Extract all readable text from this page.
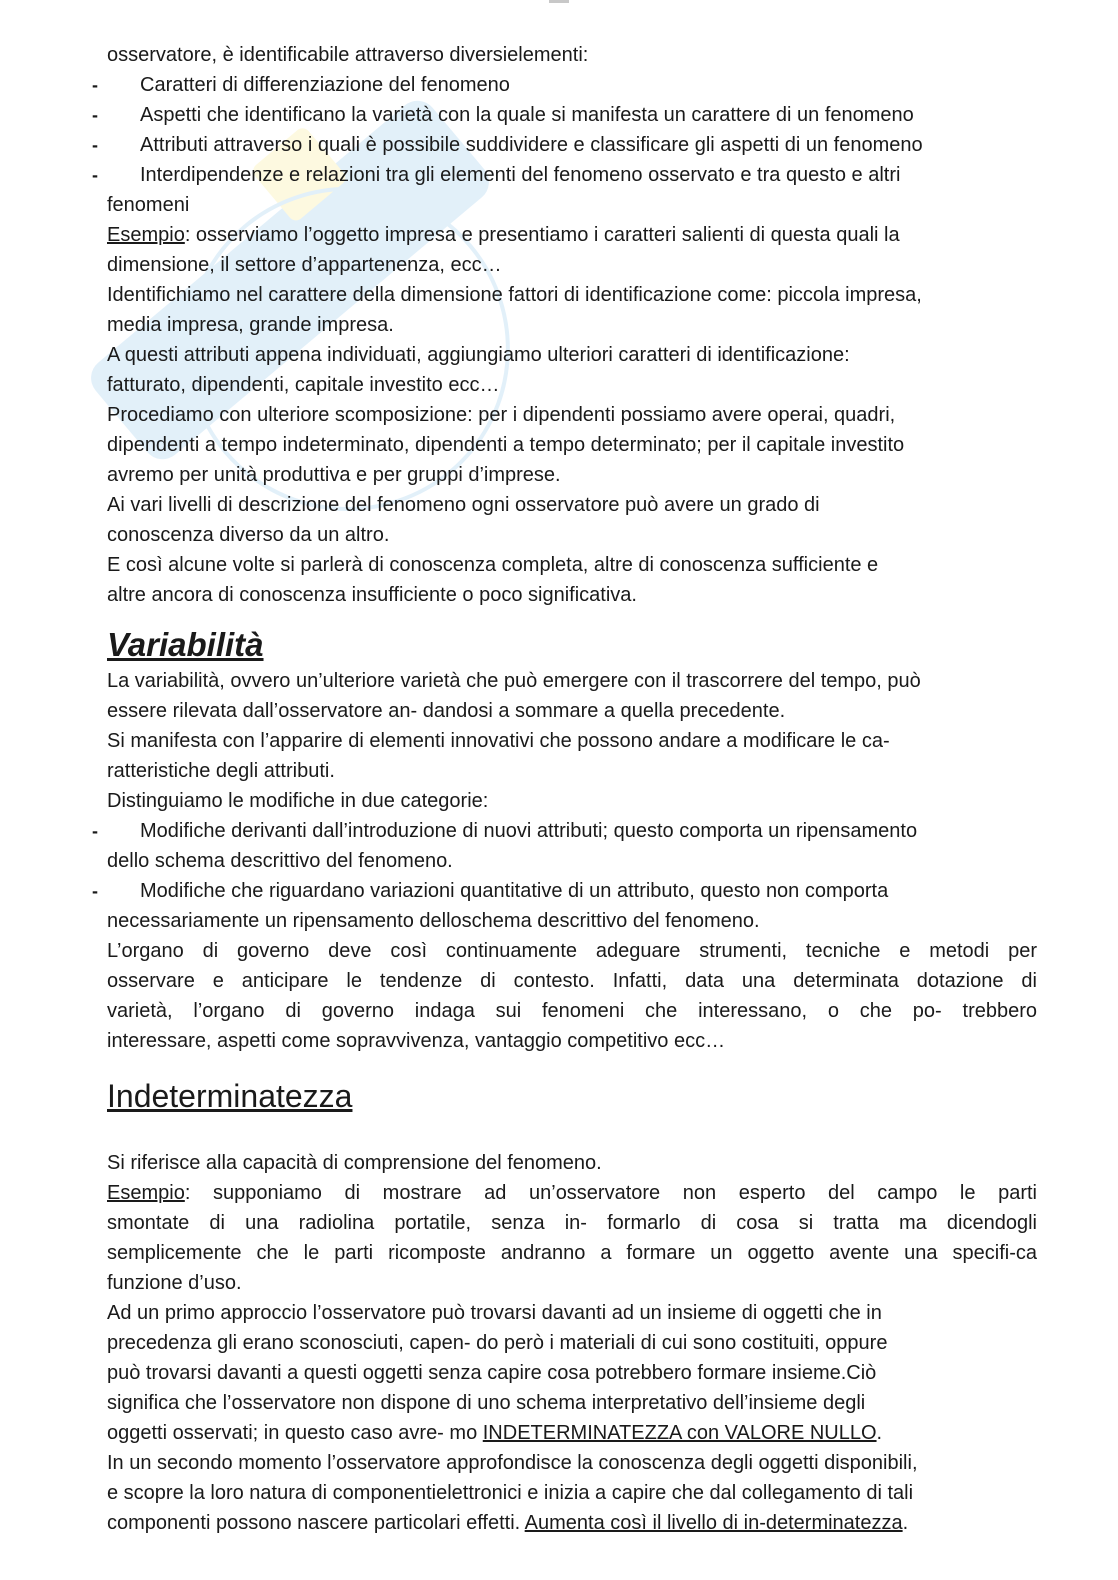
osservatore, è identificabile attraverso diversielementi:

- Caratteri di differenziazione del fenomeno

- Aspetti che identificano la varietà con la quale si manifesta un carattere di un fenomeno

- Attributi attraverso i quali è possibile suddividere e classificare gli aspetti di un fenomeno

- Interdipendenze e relazioni tra gli elementi del fenomeno osservato e tra questo e altri

fenomeni

Esempio: osserviamo l’oggetto impresa e presentiamo i caratteri salienti di questa quali la

dimensione, il settore d’appartenenza, ecc…

Identifichiamo nel carattere della dimensione fattori di identificazione come: piccola impresa,

media impresa, grande impresa.

A questi attributi appena individuati, aggiungiamo ulteriori caratteri di identificazione:

fatturato, dipendenti, capitale investito ecc…

Procediamo con ulteriore scomposizione: per i dipendenti possiamo avere operai, quadri,

dipendenti a tempo indeterminato, dipendenti a tempo determinato; per il capitale investito

avremo per unità produttiva e per gruppi d’imprese.

Ai vari livelli di descrizione del fenomeno ogni osservatore può avere un grado di

conoscenza diverso da un altro.

E così alcune volte si parlerà di conoscenza completa, altre di conoscenza sufficiente e

altre ancora di conoscenza insufficiente o poco significativa.

Variabilità

La variabilità, ovvero un’ulteriore varietà che può emergere con il trascorrere del tempo, può

essere rilevata dall’osservatore an- dandosi a sommare a quella precedente.

Si manifesta con l’apparire di elementi innovativi che possono andare a modificare le ca-

ratteristiche degli attributi.

Distinguiamo le modifiche in due categorie:

- Modifiche derivanti dall’introduzione di nuovi attributi; questo comporta un ripensamento

dello schema descrittivo del fenomeno.

- Modifiche che riguardano variazioni quantitative di un attributo, questo non comporta

necessariamente un ripensamento delloschema descrittivo del fenomeno.

L’organo di governo deve così continuamente adeguare strumenti, tecniche e metodi per

osservare e anticipare le tendenze di contesto. Infatti, data una determinata dotazione di

varietà, l’organo di governo indaga sui fenomeni che interessano, o che po- trebbero

interessare, aspetti come sopravvivenza, vantaggio competitivo ecc…

Indeterminatezza

Si riferisce alla capacità di comprensione del fenomeno.

Esempio: supponiamo di mostrare ad un’osservatore non esperto del campo le parti

smontate di una radiolina portatile, senza in- formarlo di cosa si tratta ma dicendogli

semplicemente che le parti ricomposte andranno a formare un oggetto avente una specifi-ca

funzione d’uso.

Ad un primo approccio l’osservatore può trovarsi davanti ad un insieme di oggetti che in

precedenza gli erano sconosciuti, capen- do però i materiali di cui sono costituiti, oppure

può trovarsi davanti a questi oggetti senza capire cosa potrebbero formare insieme.Ciò

significa che l’osservatore non dispone di uno schema interpretativo dell’insieme degli

oggetti osservati; in questo caso avre- mo INDETERMINATEZZA con VALORE NULLO.

In un secondo momento l’osservatore approfondisce la conoscenza degli oggetti disponibili,

e scopre la loro natura di componentielettronici e inizia a capire che dal collegamento di tali

componenti possono nascere particolari effetti. Aumenta così il livello di in-determinatezza.
